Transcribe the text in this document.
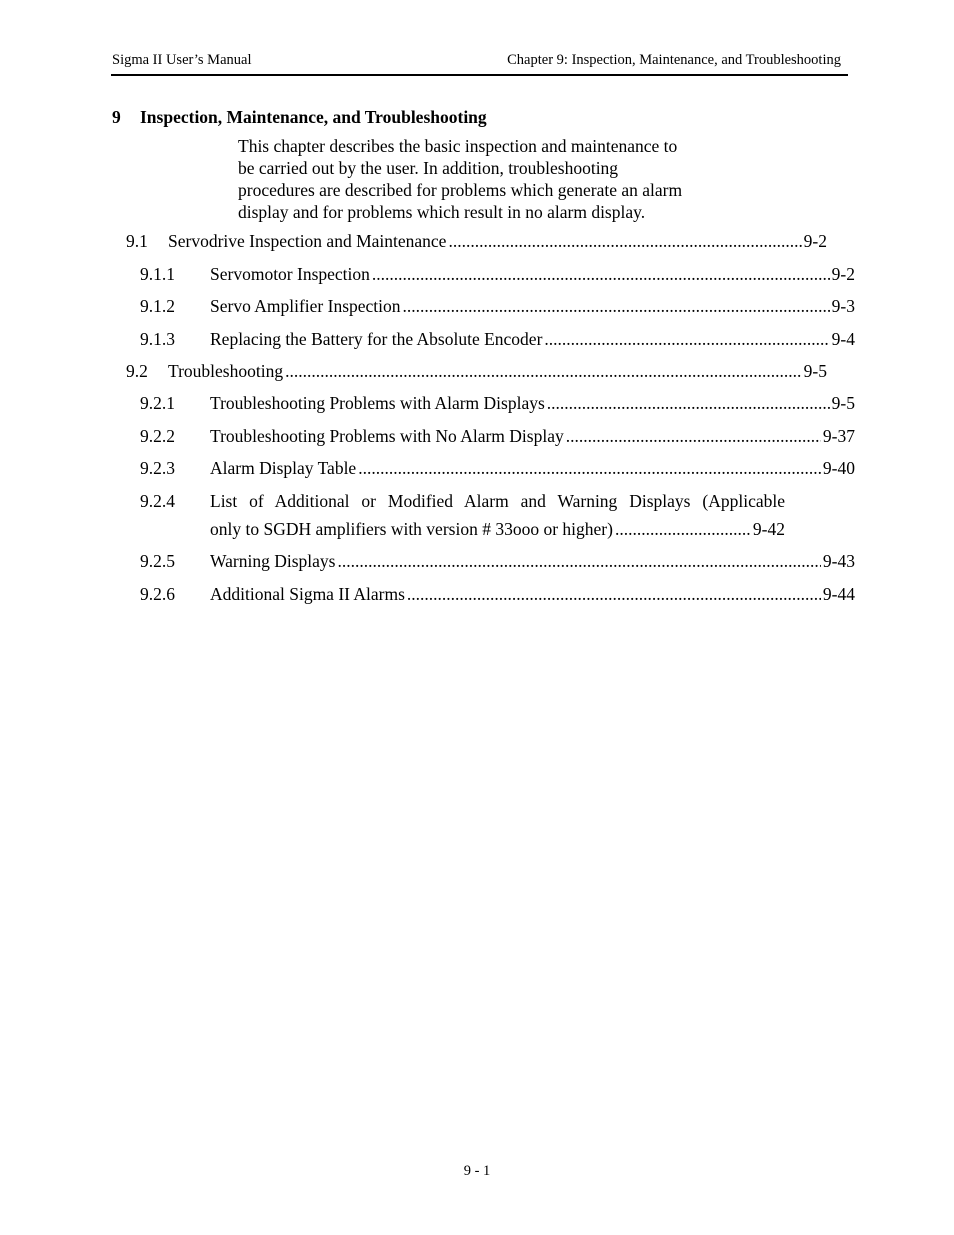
Sigma II User’s Manual	Chapter 9: Inspection, Maintenance, and Troubleshooting
9 Inspection, Maintenance, and Troubleshooting
This chapter describes the basic inspection and maintenance to
be carried out by the user. In addition, troubleshooting
procedures are described for problems which generate an alarm
display and for problems which result in no alarm display.
9.1 Servodrive Inspection and Maintenance .....	9-2
9.1.1 Servomotor Inspection .....	9-2
9.1.2 Servo Amplifier Inspection .....	9-3
9.1.3 Replacing the Battery for the Absolute Encoder .....	9-4
9.2 Troubleshooting .....	9-5
9.2.1 Troubleshooting Problems with Alarm Displays .....	9-5
9.2.2 Troubleshooting Problems with No Alarm Display .....	9-37
9.2.3 Alarm Display Table .....	9-40
9.2.4 List of Additional or Modified Alarm and Warning Displays (Applicable
only to SGDH amplifiers with version # 33ooo or higher) .....	9-42
9.2.5 Warning Displays .....	9-43
9.2.6 Additional Sigma II Alarms .....	9-44
9 - 1
